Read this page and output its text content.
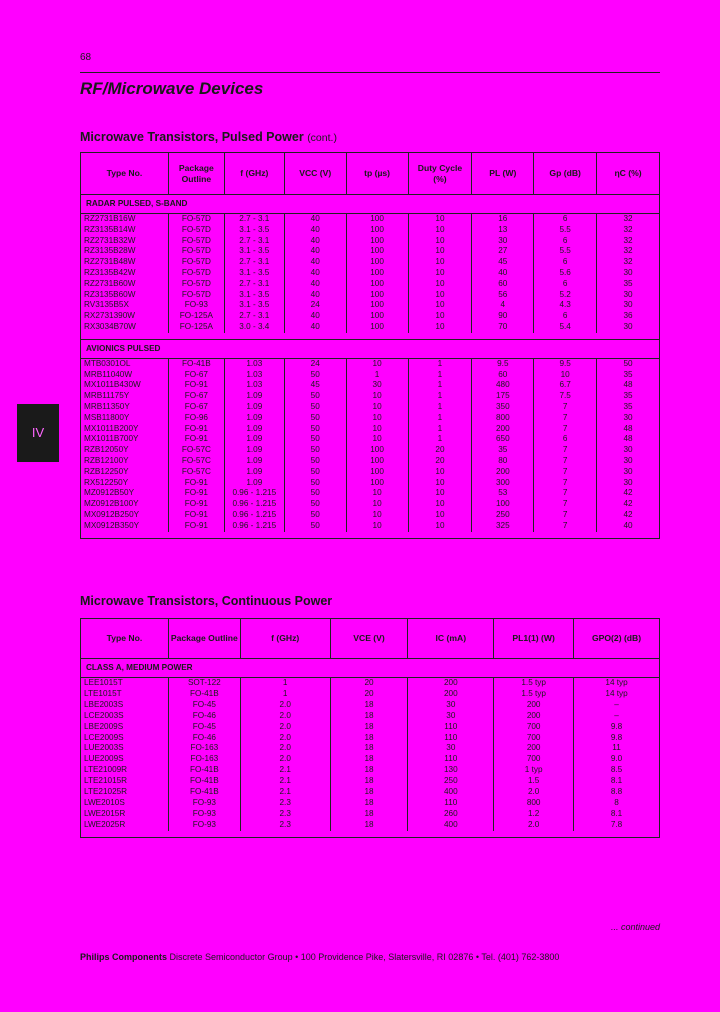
68
RF/Microwave Devices
IV
Microwave Transistors, Pulsed Power (cont.)
Type No.	Package Outline	f (GHz)	VCC (V)	tp (µs)	Duty Cycle (%)	PL (W)	Gp (dB)	ηC (%)
RADAR PULSED, S-BAND								
RZ2731B16W	FO-57D	2.7 - 3.1	40	100	10	16	6	32
RZ3135B14W	FO-57D	3.1 - 3.5	40	100	10	13	5.5	32
RZ2731B32W	FO-57D	2.7 - 3.1	40	100	10	30	6	32
RZ3135B28W	FO-57D	3.1 - 3.5	40	100	10	27	5.5	32
RZ2731B48W	FO-57D	2.7 - 3.1	40	100	10	45	6	32
RZ3135B42W	FO-57D	3.1 - 3.5	40	100	10	40	5.6	30
RZ2731B60W	FO-57D	2.7 - 3.1	40	100	10	60	6	35
RZ3135B60W	FO-57D	3.1 - 3.5	40	100	10	56	5.2	30
RV3135B5X	FO-93	3.1 - 3.5	24	100	10	4	4.3	30
RX2731390W	FO-125A	2.7 - 3.1	40	100	10	90	6	36
RX3034B70W	FO-125A	3.0 - 3.4	40	100	10	70	5.4	30

AVIONICS PULSED								
MTB0301OL	FO-41B	1.03	24	10	1	9.5	9.5	50
MRB11040W	FO-67	1.03	50	1	1	60	10	35
MX1011B430W	FO-91	1.03	45	30	1	480	6.7	48
MRB11175Y	FO-67	1.09	50	10	1	175	7.5	35
MRB11350Y	FO-67	1.09	50	10	1	350	7	35
MSB11800Y	FO-96	1.09	50	10	1	800	7	30
MX1011B200Y	FO-91	1.09	50	10	1	200	7	48
MX1011B700Y	FO-91	1.09	50	10	1	650	6	48
RZB12050Y	FO-57C	1.09	50	100	20	35	7	30
RZB12100Y	FO-57C	1.09	50	100	20	80	7	30
RZB12250Y	FO-57C	1.09	50	100	10	200	7	30
RX512250Y	FO-91	1.09	50	100	10	300	7	30
MZ0912B50Y	FO-91	0.96 - 1.215	50	10	10	53	7	42
MZ0912B100Y	FO-91	0.96 - 1.215	50	10	10	100	7	42
MX0912B250Y	FO-91	0.96 - 1.215	50	10	10	250	7	42
MX0912B350Y	FO-91	0.96 - 1.215	50	10	10	325	7	40

Microwave Transistors, Continuous Power
Type No.	Package Outline	f (GHz)	VCE (V)	IC (mA)	PL1(1) (W)	GPO(2) (dB)
CLASS A, MEDIUM POWER						
LEE1015T	SOT-122	1	20	200	1.5 typ	14 typ
LTE1015T	FO-41B	1	20	200	1.5 typ	14 typ
LBE2003S	FO-45	2.0	18	30	200	–
LCE2003S	FO-46	2.0	18	30	200	–
LBE2009S	FO-45	2.0	18	110	700	9.8
LCE2009S	FO-46	2.0	18	110	700	9.8
LUE2003S	FO-163	2.0	18	30	200	11
LUE2009S	FO-163	2.0	18	110	700	9.0
LTE21009R	FO-41B	2.1	18	130	1 typ	8.5
LTE21015R	FO-41B	2.1	18	250	1.5	8.1
LTE21025R	FO-41B	2.1	18	400	2.0	8.8
LWE2010S	FO-93	2.3	18	110	800	8
LWE2015R	FO-93	2.3	18	260	1.2	8.1
LWE2025R	FO-93	2.3	18	400	2.0	7.8

... continued
Philips Components Discrete Semiconductor Group • 100 Providence Pike, Slatersville, RI 02876 • Tel. (401) 762-3800
